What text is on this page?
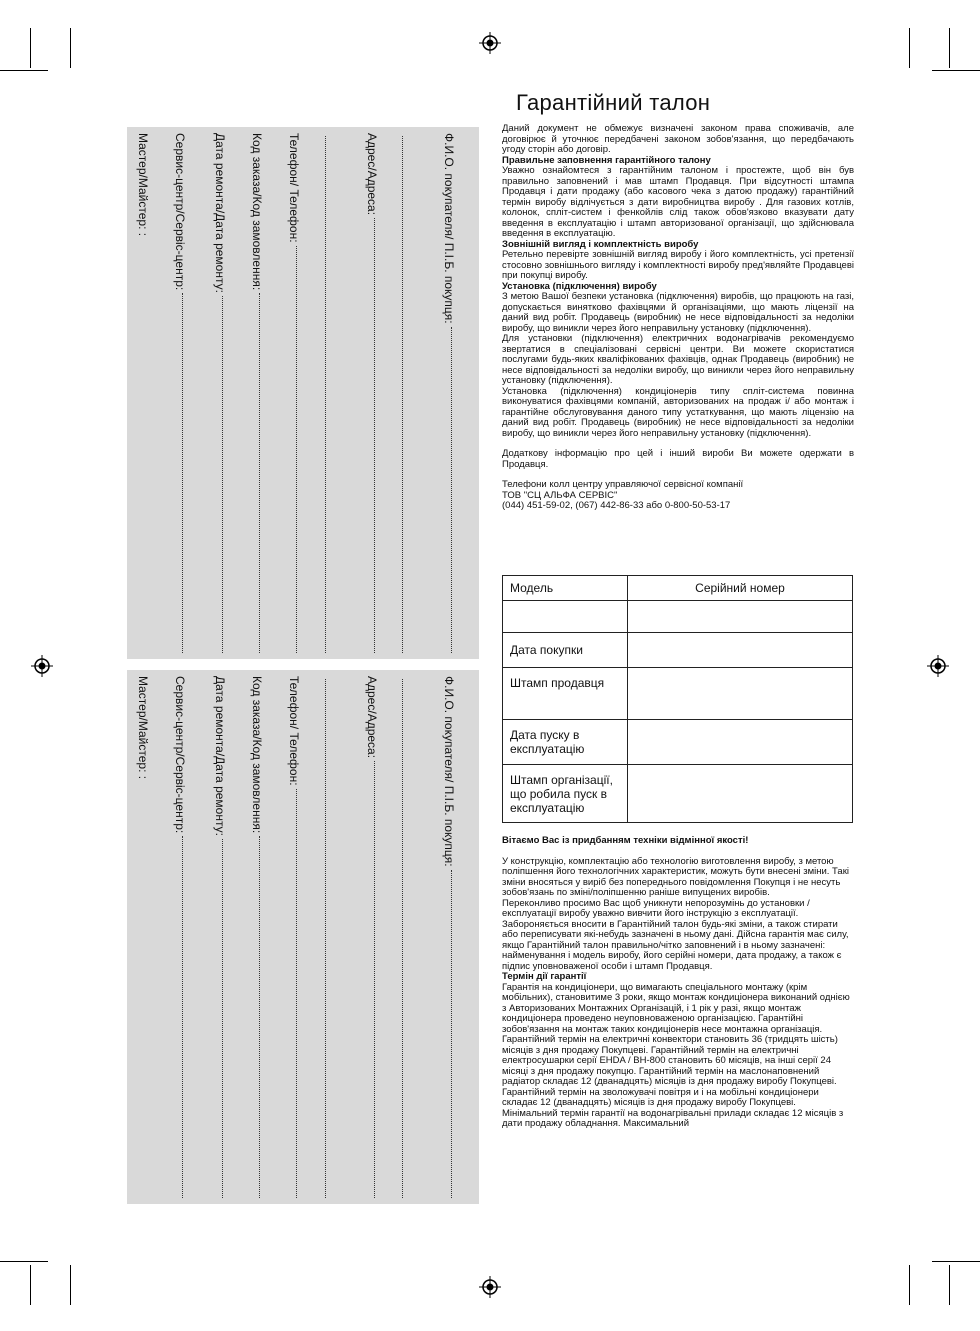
Ф.И.О. покупателя/ П.І.Б. покупця:
Адрес/Адреса:
Телефон/ Телефон:
Код заказа/Код замовлення:
Дата ремонта/Дата ремонту:
Сервис-центр/Сервіс-центр:
Мастер/Майстер: :
Ф.И.О. покупателя/ П.І.Б. покупця:
Адрес/Адреса:
Телефон/ Телефон:
Код заказа/Код замовлення:
Дата ремонта/Дата ремонту:
Сервис-центр/Сервіс-центр:
Мастер/Майстер: :
Гарантійний талон

Даний документ не обмежує визначені законом права споживачів, але договірює й уточнює передбачені законом зобов'язання, що передбачають угоду сторін або договір.

Правильне заповнення гарантійного талону

Уважно ознайомтеся з гарантійним талоном і простежте, щоб він був правильно заповнений і мав штамп Продавця. При відсутності штампа Продавця і дати продажу (або касового чека з датою продажу) гарантійний термін виробу відлічується з дати виробництва виробу . Для газових котлів, колонок, спліт-систем і фенкойлів слід також обов'язково вказувати дату введення в експлуатацію і штамп авторизованої організації, що здійснювала введення в експлуатацію.

Зовнішній вигляд і комплектність виробу

Ретельно перевірте зовнішній вигляд виробу і його комплектність, усі претензії стосовно зовнішнього вигляду і комплектності виробу пред'являйте Продавцеві при покупці виробу.

Установка (підключення) виробу

З метою Вашої безпеки установка (підключення) виробів, що працюють на газі, допускається винятково фахівцями й організаціями, що мають ліцензії на даний вид робіт. Продавець (виробник) не несе відповідальності за недоліки виробу, що виникли через його неправильну установку (підключення).

Для установки (підключення) електричних водонагрівачів рекомендуємо звертатися в спеціалізовані сервісні центри. Ви можете скористатися послугами будь-яких кваліфікованих фахівців, однак Продавець (виробник) не несе відповідальності за недоліки виробу, що виникли через його неправильну установку (підключення).

Установка (підключення) кондиціонерів типу спліт-система повинна виконуватися фахівцями компаній, авторизованих на продаж і/ або монтаж і гарантійне обслуговування даного типу устаткування, що мають ліцензію на даний вид робіт. Продавець (виробник) не несе відповідальності за недоліки виробу, що виникли через його неправильну установку (підключення).

Додаткову інформацію про цей і інший вироби Ви можете одержати в Продавця.

Телефони колл центру управляючої сервісної компанії

ТОВ "СЦ АЛЬФА СЕРВІС"

(044) 451-59-02, (067) 442-86-33 або 0-800-50-53-17

Модель	Серійний номер

Дата покупки	
Штамп продавця	
Дата пуску в експлуатацію	
Штамп організації, що робила пуск в експлуатацію	

Вітаємо Вас із придбанням техніки відмінної якості!

У конструкцію, комплектацію або технологію виготовлення виробу, з метою поліпшення його технологічних характеристик, можуть бути внесені зміни. Такі зміни вносяться у виріб без попереднього повідомлення Покупця і не несуть зобов'язань по зміні/поліпшенню раніше випущених виробів.

Переконливо просимо Вас щоб уникнути непорозумінь до установки /експлуатації виробу уважно вивчити його інструкцію з експлуатації. Забороняється вносити в Гарантійний талон будь-які зміни, а також стирати або переписувати які-небудь зазначені в ньому дані. Дійсна гарантія має силу, якщо Гарантійний талон правильно/чітко заповнений і в ньому зазначені: найменування і модель виробу, його серійні номери, дата продажу, а також є підпис уповноваженої особи і штамп Продавця.

Термін дії гарантії

Гарантія на кондиціонери, що вимагають спеціального монтажу (крім мобільних), становитиме 3 роки, якщо монтаж кондиціонера виконаний однією з Авторизованих Монтажних Організацій, і 1 рік у разі, якщо монтаж кондиціонера проведено неуповноваженою організацією. Гарантійні зобов'язання на монтаж таких кондиціонерів несе монтажна організація. Гарантійний термін на електричні конвектори становить 36 (тридцять шість) місяців з дня продажу Покупцеві. Гарантійний термін на електричні електросушарки серії EHDA / BH-800 становить 60 місяців, на інші серії 24 місяці з дня продажу покупцю. Гарантійний термін на маслонаповнений радіатор складає 12 (дванадцять) місяців із дня продажу виробу Покупцеві. Гарантійний термін на зволожувачі повітря и і на мобільні кондиціонери складає 12 (дванадцять) місяців із дня продажу виробу Покупцеві. Мінімальний термін гарантії на водонагрівальні прилади складає 12 місяців з дати продажу обладнання. Максимальний
